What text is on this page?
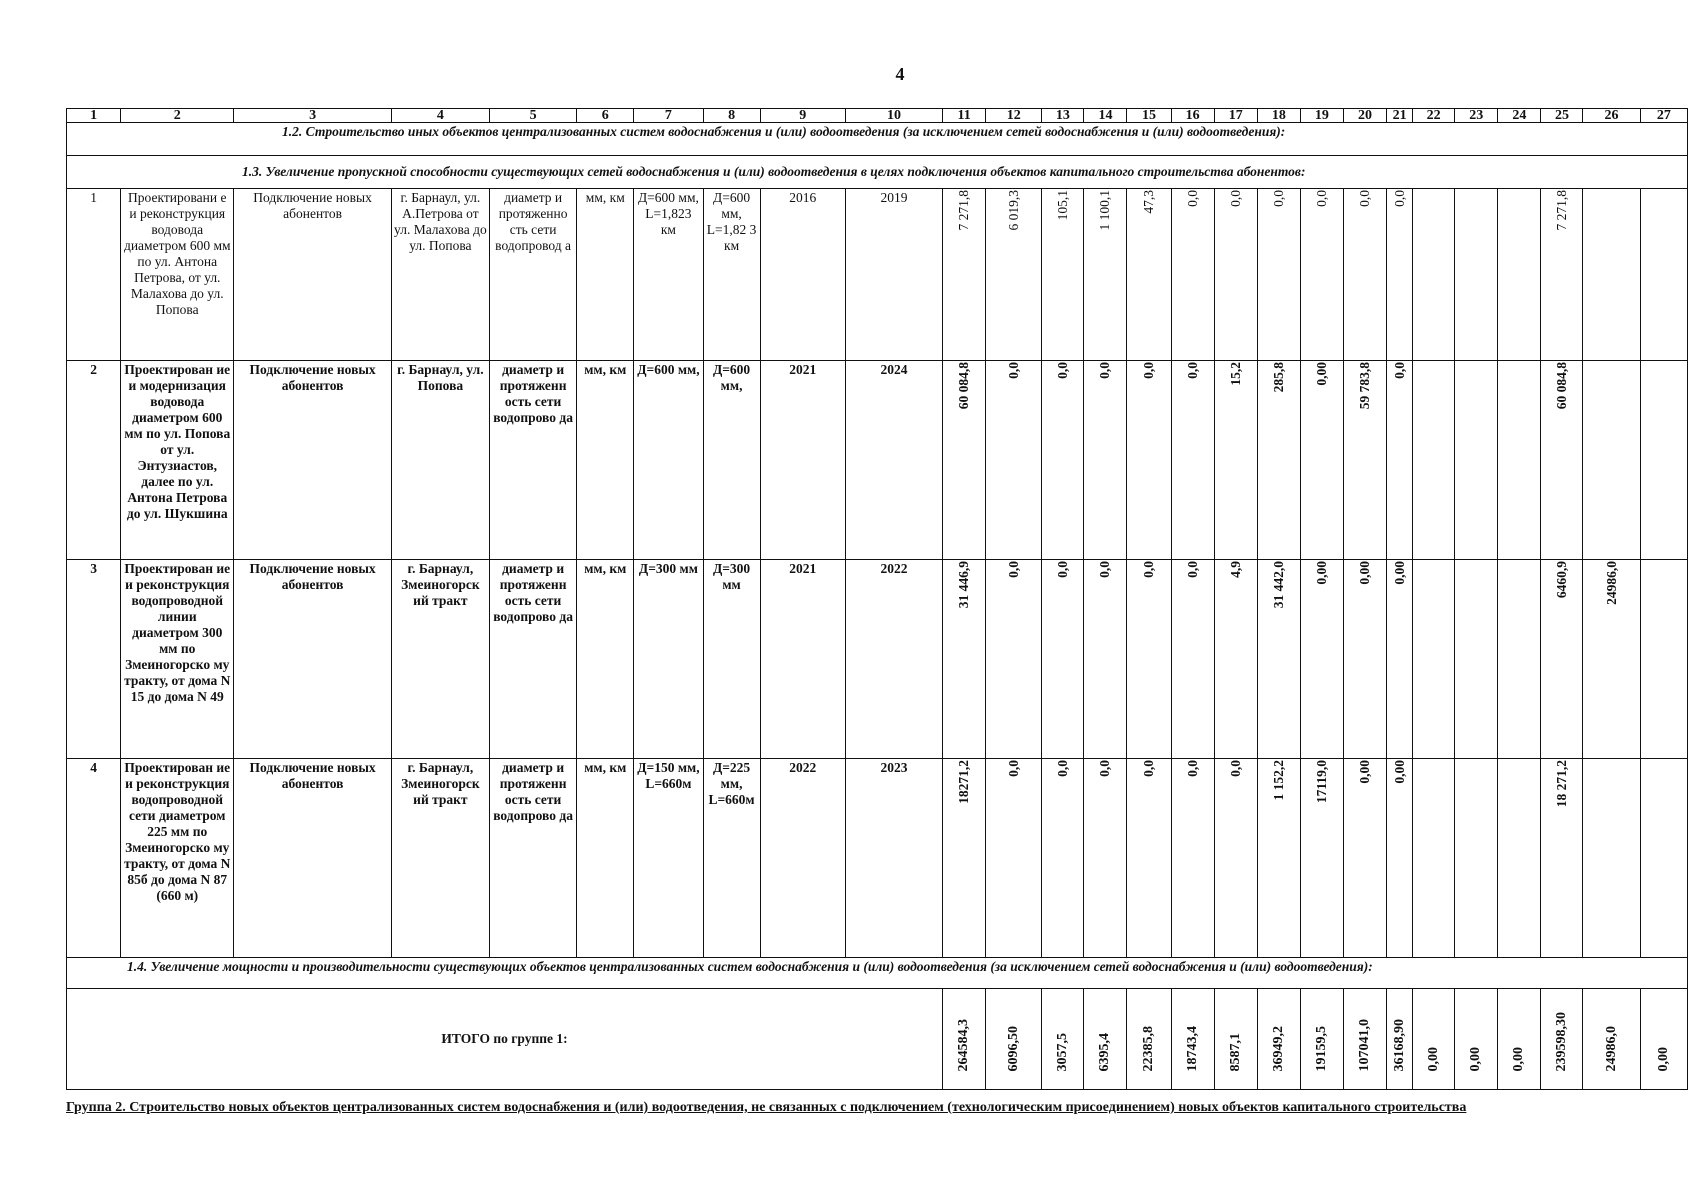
4
1	2	3	4	5	6	7	8	9	10	11	12	13	14	15	16	17	18	19	20	21	22	23	24	25	26	27
1.2. Строительство иных объектов централизованных систем водоснабжения и (или) водоотведения (за исключением сетей водоснабжения и (или) водоотведения):																										
1.3. Увеличение пропускной способности существующих сетей водоснабжения и (или) водоотведения в целях подключения объектов капитального строительства абонентов:																										
1	Проектировани е и реконструкция водовода диаметром 600 мм по ул. Антона Петрова, от ул. Малахова до ул. Попова	Подключение новых абонентов	г. Барнаул, ул. А.Петрова от ул. Малахова до ул. Попова	диаметр и протяженно сть сети водопровод а	мм, км	Д=600 мм, L=1,823 км	Д=600 мм, L=1,82 3 км	2016	2019	7 271,8	6 019,3	105,1	1 100,1	47,3	0,0	0,0	0,0	0,0	0,0	0,0				7 271,8		
2	Проектирован ие и модернизация водовода диаметром 600 мм по ул. Попова от ул. Энтузиастов, далее по ул. Антона Петрова до ул. Шукшина	Подключение новых абонентов	г. Барнаул, ул. Попова	диаметр и протяженн ость сети водопрово да	мм, км	Д=600 мм,	Д=600 мм,	2021	2024	60 084,8	0,0	0,0	0,0	0,0	0,0	15,2	285,8	0,00	59 783,8	0,0				60 084,8		
3	Проектирован ие и реконструкция водопроводной линии диаметром 300 мм по Змеиногорско му тракту, от дома N 15 до дома N 49	Подключение новых абонентов	г. Барнаул, Змеиногорск ий тракт	диаметр и протяженн ость сети водопрово да	мм, км	Д=300 мм	Д=300 мм	2021	2022	31 446,9	0,0	0,0	0,0	0,0	0,0	4,9	31 442,0	0,00	0,00	0,00				6460,9	24986,0	
4	Проектирован ие и реконструкция водопроводной сети диаметром 225 мм по Змеиногорско му тракту, от дома N 85б до дома N 87 (660 м)	Подключение новых абонентов	г. Барнаул, Змеиногорск ий тракт	диаметр и протяженн ость сети водопрово да	мм, км	Д=150 мм, L=660м	Д=225 мм, L=660м	2022	2023	18271,2	0,0	0,0	0,0	0,0	0,0	0,0	1 152,2	17119,0	0,00	0,00				18 271,2		
1.4. Увеличение мощности и производительности существующих объектов централизованных систем водоснабжения и (или) водоотведения (за исключением сетей водоснабжения и (или) водоотведения):																										
ИТОГО по группе 1:										264584,3	6096,50	3057,5	6395,4	22385,8	18743,4	8587,1	36949,2	19159,5	107041,0	36168,90	0,00	0,00	0,00	239598,30	24986,0	0,00
Группа 2. Строительство новых объектов централизованных систем водоснабжения и (или) водоотведения, не связанных с подключением (технологическим присоединением) новых объектов капитального строительства
